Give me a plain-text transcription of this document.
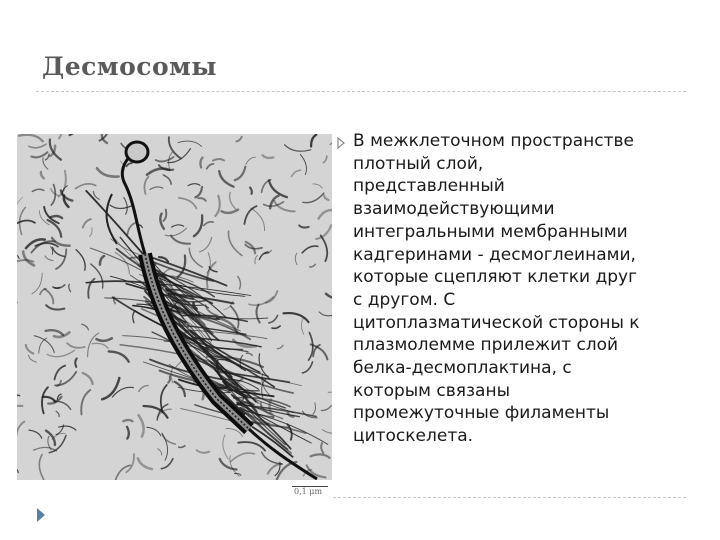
Десмосомы
0,1 μm
В межклеточном пространстве
плотный слой,
представленный
взаимодействующими
интегральными мембранными
кадгеринами - десмоглеинами,
которые сцепляют клетки друг
с другом. С
цитоплазматической стороны к
плазмолемме прилежит слой
белка-десмоплактина, с
которым связаны
промежуточные филаменты
цитоскелета.
